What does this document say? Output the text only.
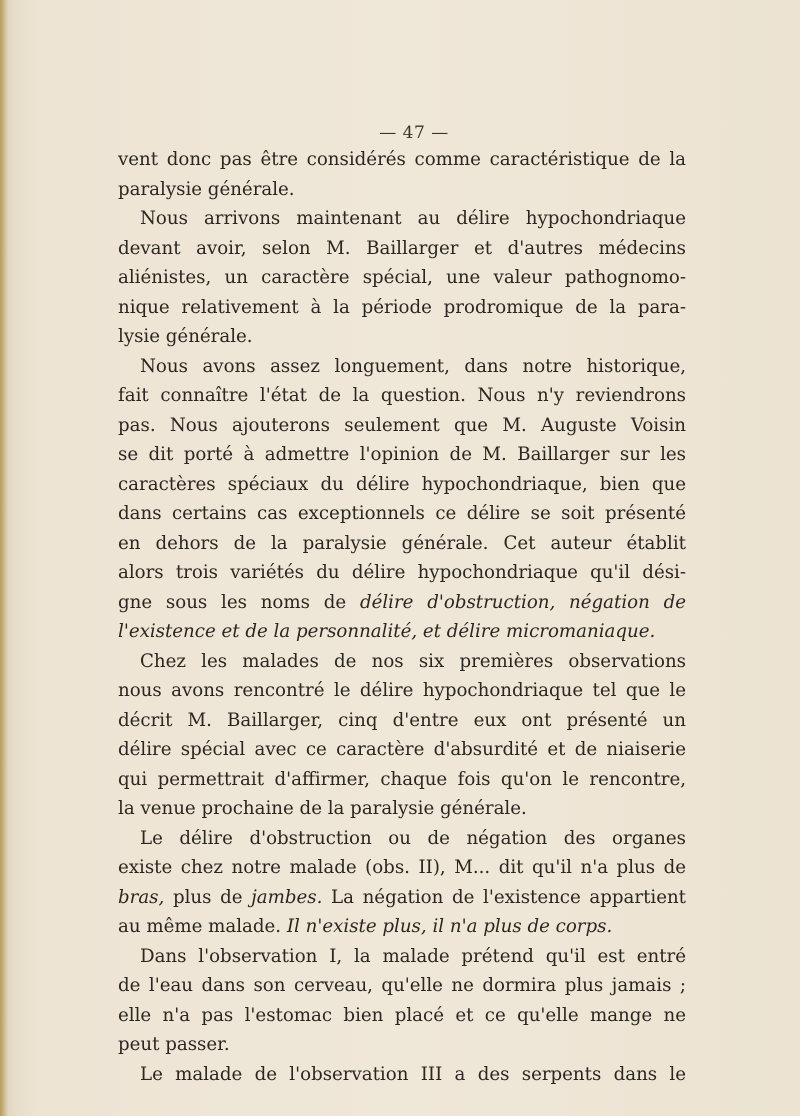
— 47 —
vent donc pas être considérés comme caractéristique de la
paralysie générale.
Nous arrivons maintenant au délire hypochondriaque
devant avoir, selon M. Baillarger et d'autres médecins
aliénistes, un caractère spécial, une valeur pathognomo-
nique relativement à la période prodromique de la para-
lysie générale.
Nous avons assez longuement, dans notre historique,
fait connaître l'état de la question. Nous n'y reviendrons
pas. Nous ajouterons seulement que M. Auguste Voisin
se dit porté à admettre l'opinion de M. Baillarger sur les
caractères spéciaux du délire hypochondriaque, bien que
dans certains cas exceptionnels ce délire se soit présenté
en dehors de la paralysie générale. Cet auteur établit
alors trois variétés du délire hypochondriaque qu'il dési-
gne sous les noms de délire d'obstruction, négation de
l'existence et de la personnalité, et délire micromaniaque.
Chez les malades de nos six premières observations
nous avons rencontré le délire hypochondriaque tel que le
décrit M. Baillarger, cinq d'entre eux ont présenté un
délire spécial avec ce caractère d'absurdité et de niaiserie
qui permettrait d'affirmer, chaque fois qu'on le rencontre,
la venue prochaine de la paralysie générale.
Le délire d'obstruction ou de négation des organes
existe chez notre malade (obs. II), M... dit qu'il n'a plus de
bras, plus de jambes. La négation de l'existence appartient
au même malade. Il n'existe plus, il n'a plus de corps.
Dans l'observation I, la malade prétend qu'il est entré
de l'eau dans son cerveau, qu'elle ne dormira plus jamais ;
elle n'a pas l'estomac bien placé et ce qu'elle mange ne
peut passer.
Le malade de l'observation III a des serpents dans le
